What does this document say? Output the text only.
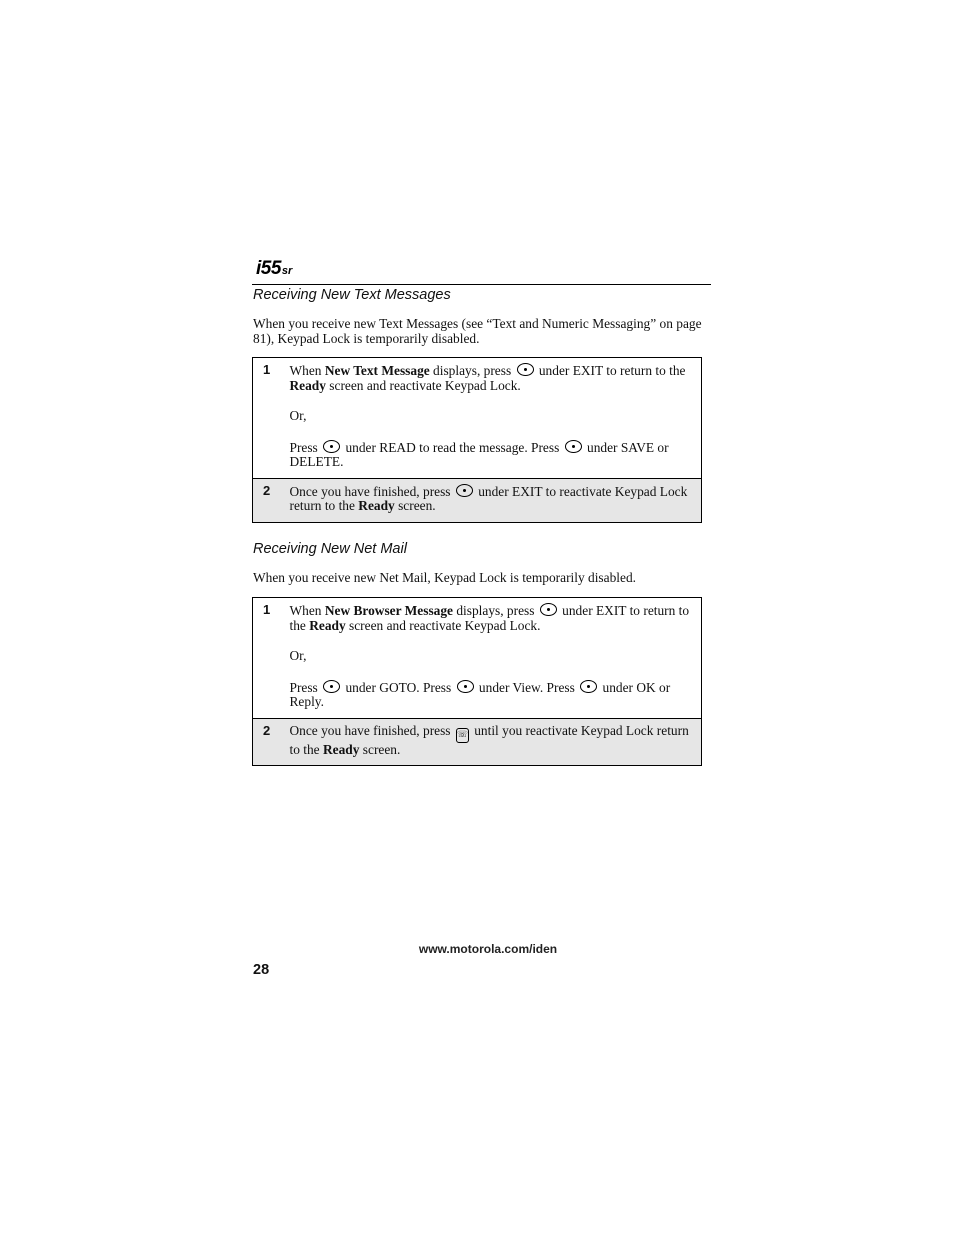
i55sr
Receiving New Text Messages

When you receive new Text Messages (see “Text and Numeric Messaging” on page 81), Keypad Lock is temporarily disabled.

1	When New Text Message displays, press  under EXIT to return to the Ready screen and reactivate Keypad Lock.

Or,

Press  under READ to read the message. Press  under SAVE or DELETE.

2	Once you have finished, press  under EXIT to reactivate Keypad Lock return to the Ready screen.

Receiving New Net Mail

When you receive new Net Mail, Keypad Lock is temporarily disabled.

1	When New Browser Message displays, press  under EXIT to return to the Ready screen and reactivate Keypad Lock.

Or,

Press  under GOTO. Press  under View. Press  under OK or Reply.

2	Once you have finished, press ☏ until you reactivate Keypad Lock return to the Ready screen.

www.motorola.com/iden
28
